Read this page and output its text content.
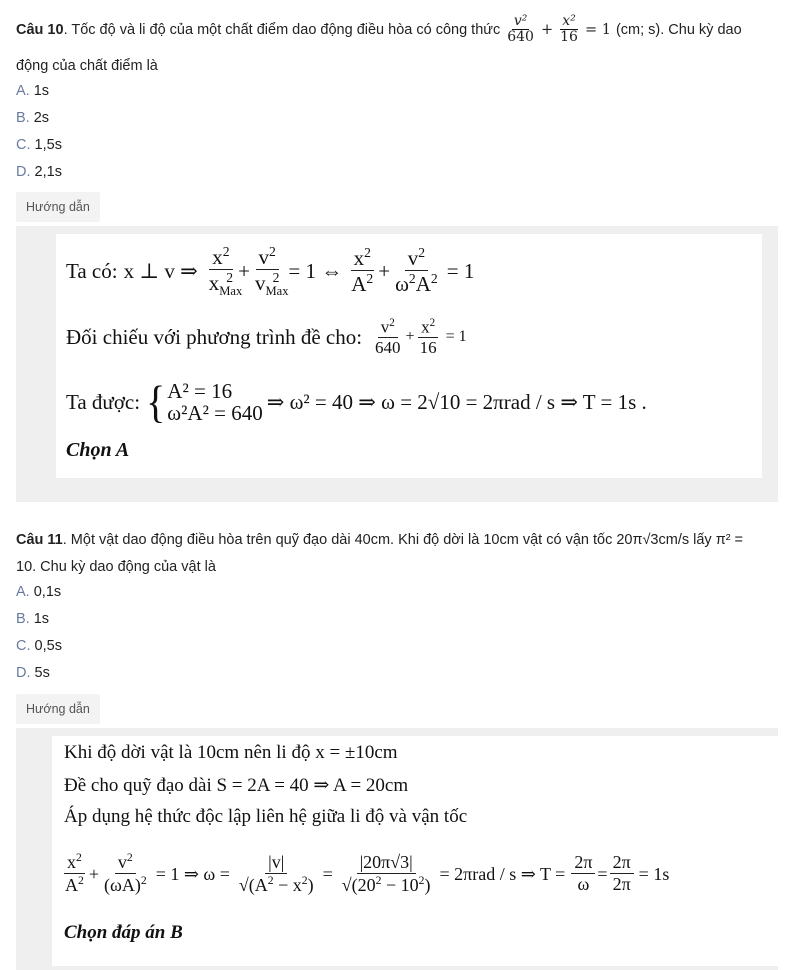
Câu 10 . Tốc độ và li độ của một chất điểm dao động điều hòa có công thức $\frac{\text{v²}}{640} + \frac{\text{x²}}{16} = 1$ (cm; s). Chu kỳ dao
động của chất điểm là
A. 1s
B. 2s
C. 1,5s
D. 2,1s
Hướng dẫn
Ta có: x ⊥ v ⇒
$x^2$
$x_{Max}^2$ +
$v^2$
$v_{Max}^2 = 1$ ⇔
$x^2$
$A^2 + \frac{v^2}{\omega^2A^2} = 1$
Đối chiếu với phương trình đề cho: $v^2$
640
+ $\frac{x^2}{16} = 1$
Ta được: { A² = 16
ω²A² = 640 ⇒ ω² = 40 ⇒ ω = 2√10 = 2πrad / s ⇒ T = 1s .
Chọn A
Câu 11. Một vật dao động điều hòa trên quỹ đạo dài 40cm. Khi độ dời là 10cm vật có vận tốc 20π√3cm/s lấy π² =
10. Chu kỳ dao động của vật là
A. 0,1s
B. 1s
C. 0,5s
D. 5s
Hướng dẫn
Khi độ dời vật là 10cm nên li độ x = ±10cm
Đề cho quỹ đạo dài S = 2A = 40 ⇒ A = 20cm
Áp dụng hệ thức độc lập liên hệ giữa li độ và vận tốc
$x^2$
$A^2 + \frac{v^2}{(\omega A)^2} = 1$ ⇒ $\omega = \frac{|v|}{√(A^2 - x^2)} = \frac{|20\pi√3|}{√(20^2 - 10^2)} = 2\pi rad / s$ ⇒ $T = \frac{2\pi}{\omega} = \frac{2\pi}{2\pi} = 1s$
Chọn đáp án B
